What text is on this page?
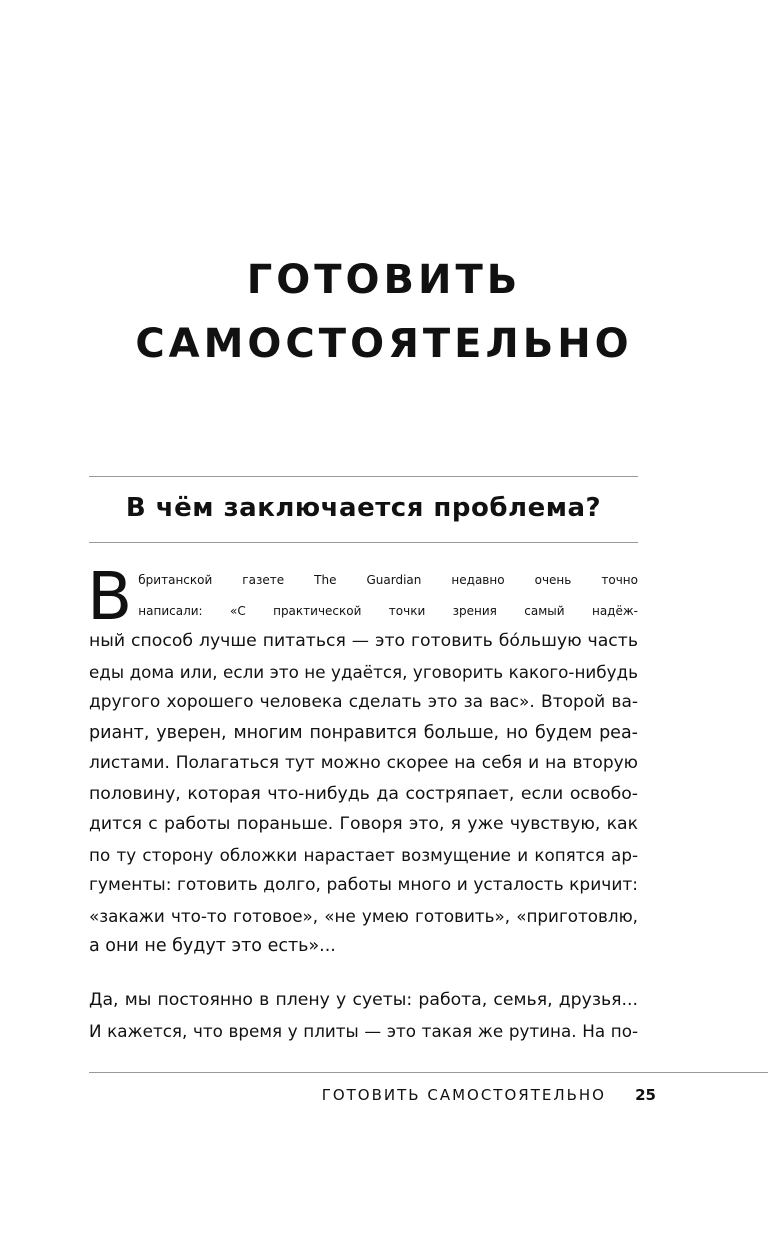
ГОТОВИТЬ
САМОСТОЯТЕЛЬНО
В чём заключается проблема?
В британской газете The Guardian недавно очень точно
написали: «С практической точки зрения самый надёж-
ный способ лучше питаться — это готовить бо́льшую часть
еды дома или, если это не удаётся, уговорить какого-нибудь
другого хорошего человека сделать это за вас». Второй ва-
риант, уверен, многим понравится больше, но будем реа-
листами. Полагаться тут можно скорее на себя и на вторую
половину, которая что-нибудь да состряпает, если освобо-
дится с работы пораньше. Говоря это, я уже чувствую, как
по ту сторону обложки нарастает возмущение и копятся ар-
гументы: готовить долго, работы много и усталость кричит:
«закажи что-то готовое», «не умею готовить», «приготовлю,
а они не будут это есть»...
Да, мы постоянно в плену у суеты: работа, семья, друзья...
И кажется, что время у плиты — это такая же рутина. На по-
ГОТОВИТЬ САМОСТОЯТЕЛЬНО 25
